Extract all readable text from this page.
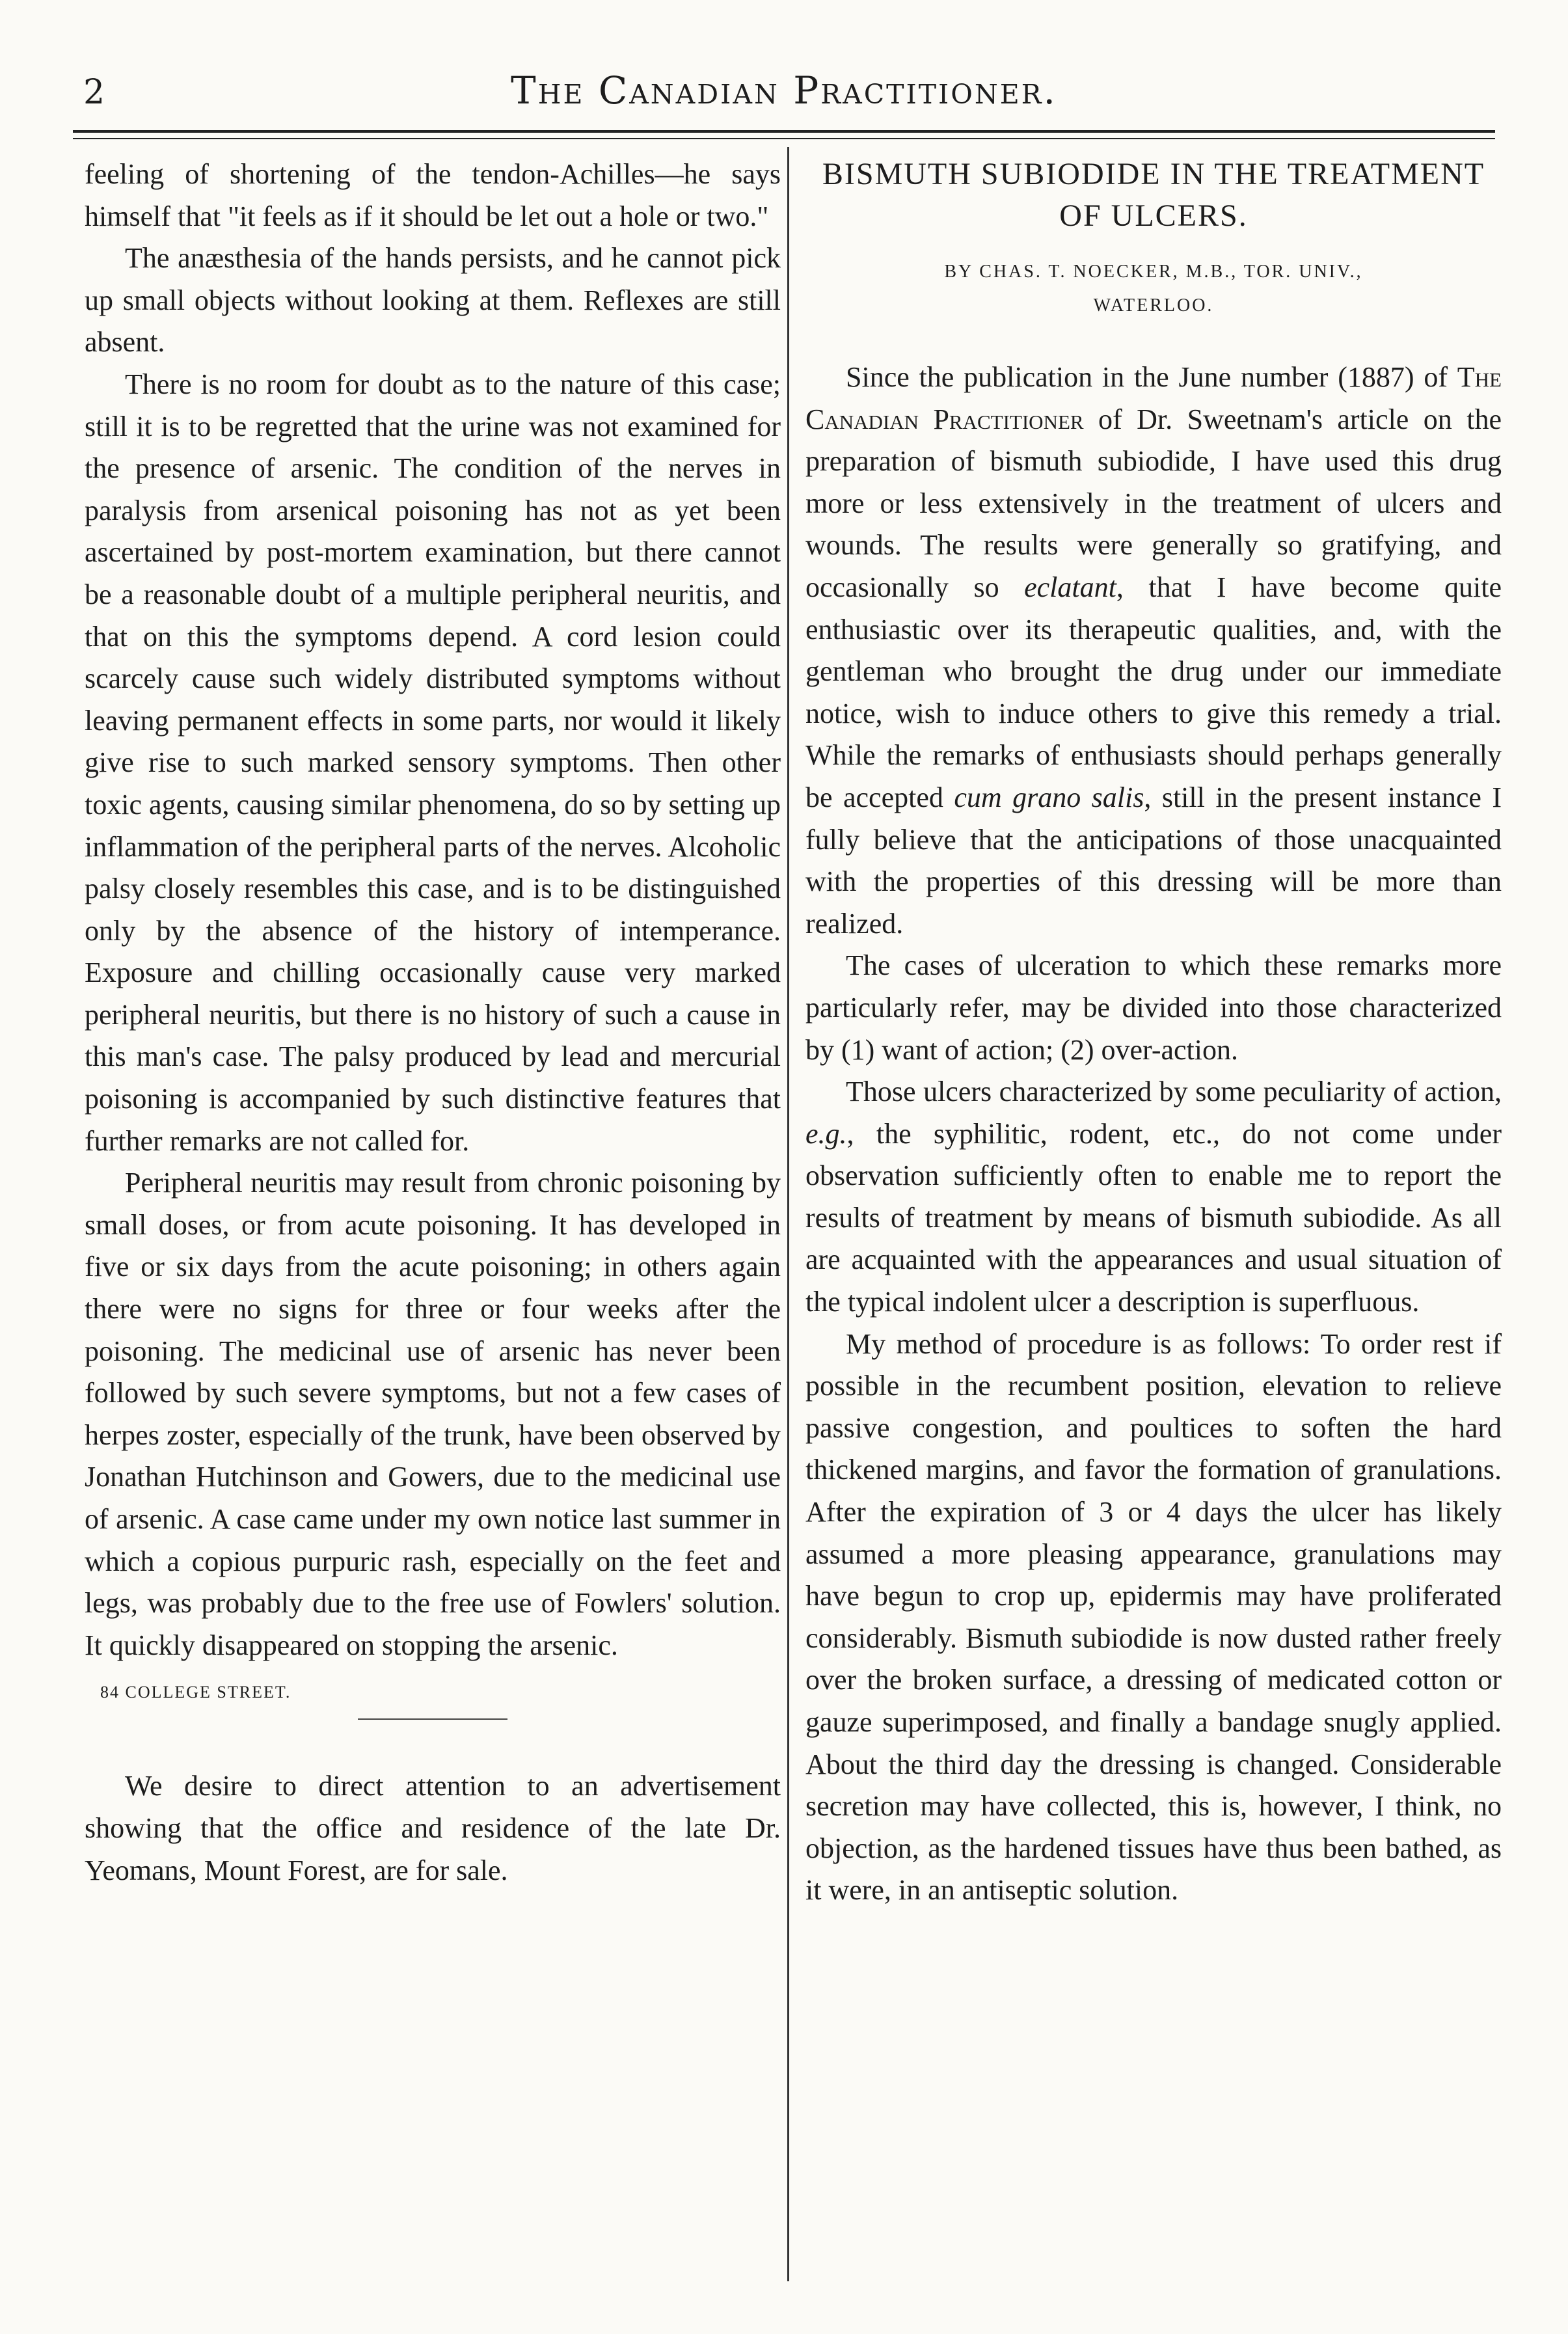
2	The Canadian Practitioner.

feeling of shortening of the tendon-Achilles—he says himself that "it feels as if it should be let out a hole or two."

The anæsthesia of the hands persists, and he cannot pick up small objects without looking at them. Reflexes are still absent.

There is no room for doubt as to the nature of this case; still it is to be regretted that the urine was not examined for the presence of arsenic. The condition of the nerves in paralysis from arsenical poisoning has not as yet been ascertained by post-mortem examination, but there cannot be a reasonable doubt of a multiple peripheral neuritis, and that on this the symptoms depend. A cord lesion could scarcely cause such widely distributed symptoms without leaving permanent effects in some parts, nor would it likely give rise to such marked sensory symptoms. Then other toxic agents, causing similar phenomena, do so by setting up inflammation of the peripheral parts of the nerves. Alcoholic palsy closely resembles this case, and is to be distinguished only by the absence of the history of intemperance. Exposure and chilling occasionally cause very marked peripheral neuritis, but there is no history of such a cause in this man's case. The palsy produced by lead and mercurial poisoning is accompanied by such distinctive features that further remarks are not called for.

Peripheral neuritis may result from chronic poisoning by small doses, or from acute poisoning. It has developed in five or six days from the acute poisoning; in others again there were no signs for three or four weeks after the poisoning. The medicinal use of arsenic has never been followed by such severe symptoms, but not a few cases of herpes zoster, especially of the trunk, have been observed by Jonathan Hutchinson and Gowers, due to the medicinal use of arsenic. A case came under my own notice last summer in which a copious purpuric rash, especially on the feet and legs, was probably due to the free use of Fowlers' solution. It quickly disappeared on stopping the arsenic.

84 COLLEGE STREET.

We desire to direct attention to an advertisement showing that the office and residence of the late Dr. Yeomans, Mount Forest, are for sale.

BISMUTH SUBIODIDE IN THE TREATMENT OF ULCERS.
BY CHAS. T. NOECKER, M.B., TOR. UNIV.,
WATERLOO.

Since the publication in the June number (1887) of The Canadian Practitioner of Dr. Sweetnam's article on the preparation of bismuth subiodide, I have used this drug more or less extensively in the treatment of ulcers and wounds. The results were generally so gratifying, and occasionally so eclatant, that I have become quite enthusiastic over its therapeutic qualities, and, with the gentleman who brought the drug under our immediate notice, wish to induce others to give this remedy a trial. While the remarks of enthusiasts should perhaps generally be accepted cum grano salis, still in the present instance I fully believe that the anticipations of those unacquainted with the properties of this dressing will be more than realized.

The cases of ulceration to which these remarks more particularly refer, may be divided into those characterized by (1) want of action; (2) over-action.

Those ulcers characterized by some peculiarity of action, e.g., the syphilitic, rodent, etc., do not come under observation sufficiently often to enable me to report the results of treatment by means of bismuth subiodide. As all are acquainted with the appearances and usual situation of the typical indolent ulcer a description is superfluous.

My method of procedure is as follows: To order rest if possible in the recumbent position, elevation to relieve passive congestion, and poultices to soften the hard thickened margins, and favor the formation of granulations. After the expiration of 3 or 4 days the ulcer has likely assumed a more pleasing appearance, granulations may have begun to crop up, epidermis may have proliferated considerably. Bismuth subiodide is now dusted rather freely over the broken surface, a dressing of medicated cotton or gauze superimposed, and finally a bandage snugly applied. About the third day the dressing is changed. Considerable secretion may have collected, this is, however, I think, no objection, as the hardened tissues have thus been bathed, as it were, in an antiseptic solution.
